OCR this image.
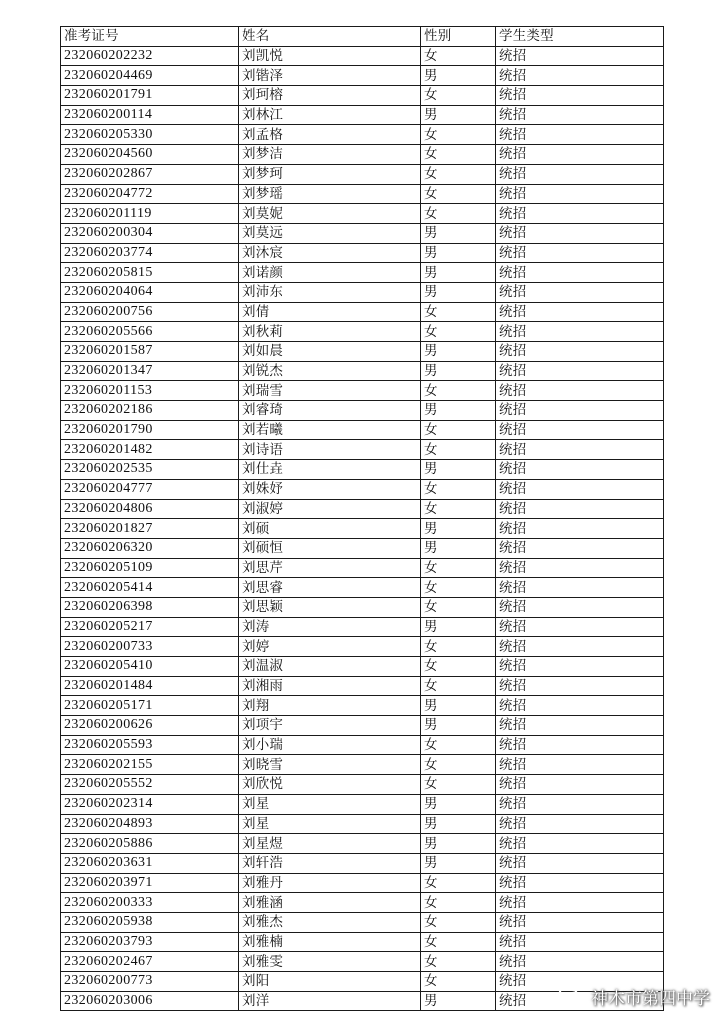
准考证号	姓名	性别	学生类型
232060202232	刘凯悦	女	统招
232060204469	刘锴泽	男	统招
232060201791	刘珂榕	女	统招
232060200114	刘林江	男	统招
232060205330	刘孟格	女	统招
232060204560	刘梦洁	女	统招
232060202867	刘梦珂	女	统招
232060204772	刘梦瑶	女	统招
232060201119	刘莫妮	女	统招
232060200304	刘莫远	男	统招
232060203774	刘沐宸	男	统招
232060205815	刘诺颜	男	统招
232060204064	刘沛东	男	统招
232060200756	刘倩	女	统招
232060205566	刘秋莉	女	统招
232060201587	刘如晨	男	统招
232060201347	刘锐杰	男	统招
232060201153	刘瑞雪	女	统招
232060202186	刘睿琦	男	统招
232060201790	刘若曦	女	统招
232060201482	刘诗语	女	统招
232060202535	刘仕垚	男	统招
232060204777	刘姝妤	女	统招
232060204806	刘淑婷	女	统招
232060201827	刘硕	男	统招
232060206320	刘硕恒	男	统招
232060205109	刘思芹	女	统招
232060205414	刘思睿	女	统招
232060206398	刘思颖	女	统招
232060205217	刘涛	男	统招
232060200733	刘婷	女	统招
232060205410	刘温淑	女	统招
232060201484	刘湘雨	女	统招
232060205171	刘翔	男	统招
232060200626	刘项宇	男	统招
232060205593	刘小瑞	女	统招
232060202155	刘晓雪	女	统招
232060205552	刘欣悦	女	统招
232060202314	刘星	男	统招
232060204893	刘星	男	统招
232060205886	刘星煜	男	统招
232060203631	刘轩浩	男	统招
232060203971	刘雅丹	女	统招
232060200333	刘雅涵	女	统招
232060205938	刘雅杰	女	统招
232060203793	刘雅楠	女	统招
232060202467	刘雅雯	女	统招
232060200773	刘阳	女	统招
232060203006	刘洋	男	统招	神木市第四中学
